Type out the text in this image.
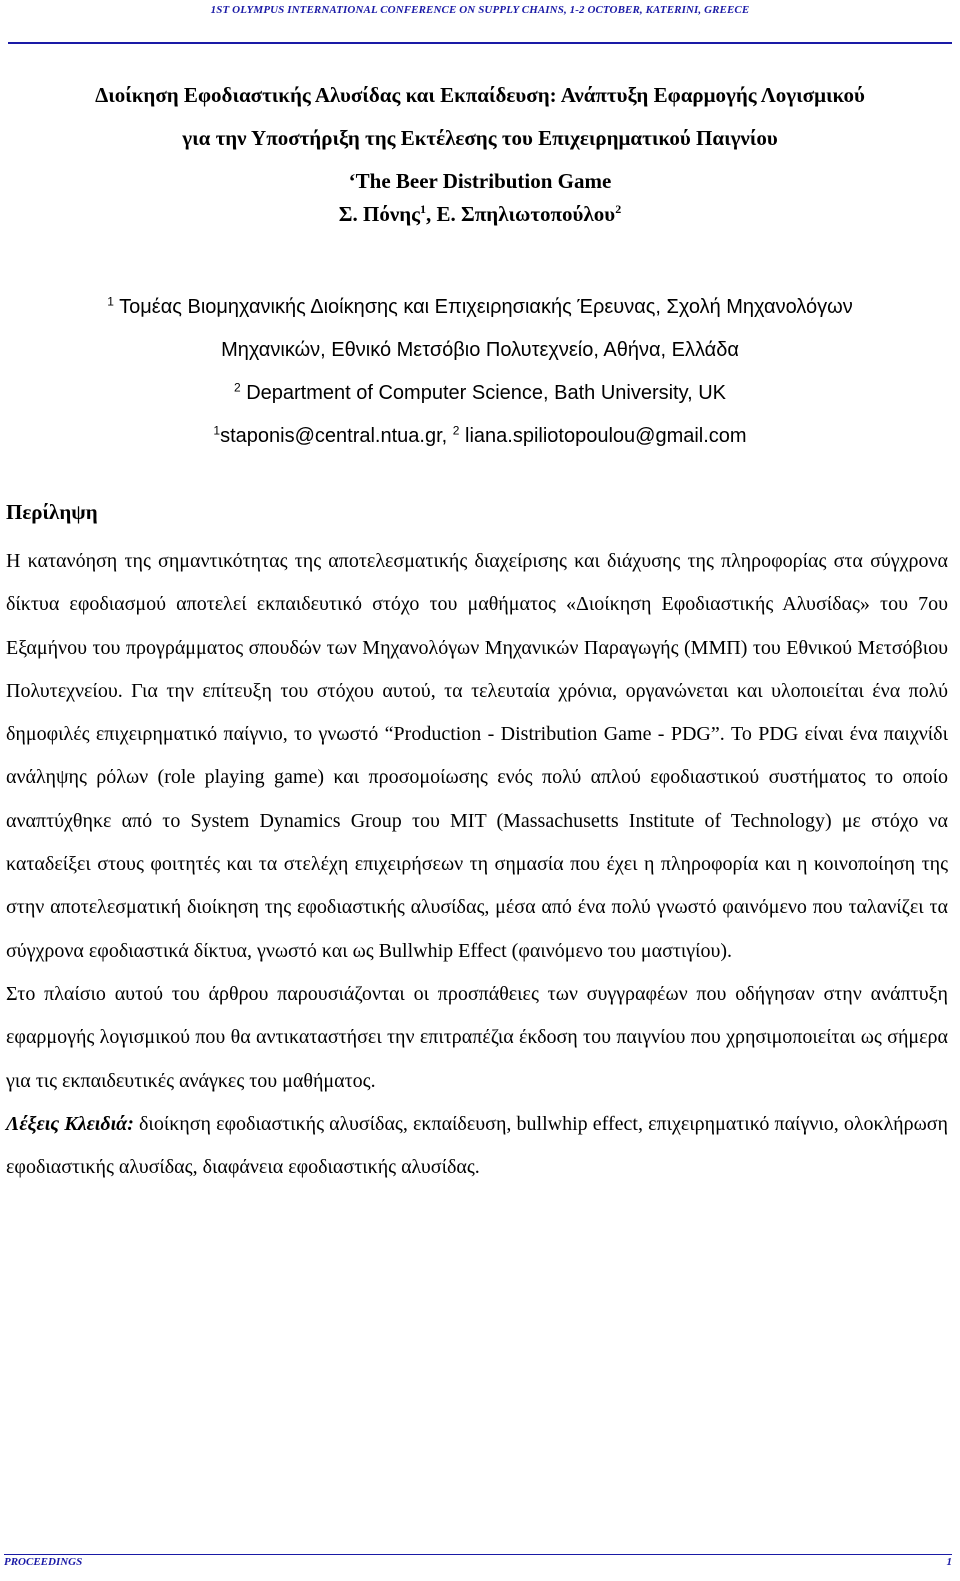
1ST OLYMPUS INTERNATIONAL CONFERENCE ON SUPPLY CHAINS, 1-2 OCTOBER, KATERINI, GREECE
Διοίκηση Εφοδιαστικής Αλυσίδας και Εκπαίδευση: Ανάπτυξη Εφαρμογής Λογισμικού
για την Υποστήριξη της Εκτέλεσης του Επιχειρηματικού Παιγνίου
‘The Beer Distribution Game
Σ. Πόνης$^1$, Ε. Σπηλιωτοπούλου$^2$
$^1$ Τομέας Βιομηχανικής Διοίκησης και Επιχειρησιακής Έρευνας, Σχολή Μηχανολόγων
Μηχανικών, Εθνικό Μετσόβιο Πολυτεχνείο, Αθήνα, Ελλάδα
$^2$ Department of Computer Science, Bath University, UK
$^1$staponis@central.ntua.gr, $^2$ liana.spiliotopoulou@gmail.com
Περίληψη

Η κατανόηση της σημαντικότητας της αποτελεσματικής διαχείρισης και διάχυσης της πληροφορίας στα σύγχρονα δίκτυα εφοδιασμού αποτελεί εκπαιδευτικό στόχο του μαθήματος «Διοίκηση Εφοδιαστικής Αλυσίδας» του 7ου Εξαμήνου του προγράμματος σπουδών των Μηχανολόγων Μηχανικών Παραγωγής (ΜΜΠ) του Εθνικού Μετσόβιου Πολυτεχνείου. Για την επίτευξη του στόχου αυτού, τα τελευταία χρόνια, οργανώνεται και υλοποιείται ένα πολύ δημοφιλές επιχειρηματικό παίγνιο, το γνωστό “Production - Distribution Game - PDG”. Το PDG είναι ένα παιχνίδι ανάληψης ρόλων (role playing game) και προσομοίωσης ενός πολύ απλού εφοδιαστικού συστήματος το οποίο αναπτύχθηκε από το System Dynamics Group του MIT (Massachusetts Institute of Technology) με στόχο να καταδείξει στους φοιτητές και τα στελέχη επιχειρήσεων τη σημασία που έχει η πληροφορία και η κοινοποίηση της στην αποτελεσματική διοίκηση της εφοδιαστικής αλυσίδας, μέσα από ένα πολύ γνωστό φαινόμενο που ταλανίζει τα σύγχρονα εφοδιαστικά δίκτυα, γνωστό και ως Bullwhip Effect (φαινόμενο του μαστιγίου).

Στο πλαίσιο αυτού του άρθρου παρουσιάζονται οι προσπάθειες των συγγραφέων που οδήγησαν στην ανάπτυξη εφαρμογής λογισμικού που θα αντικαταστήσει την επιτραπέζια έκδοση του παιγνίου που χρησιμοποιείται ως σήμερα για τις εκπαιδευτικές ανάγκες του μαθήματος.

Λέξεις Κλειδιά: διοίκηση εφοδιαστικής αλυσίδας, εκπαίδευση, bullwhip effect, επιχειρηματικό παίγνιο, ολοκλήρωση εφοδιαστικής αλυσίδας, διαφάνεια εφοδιαστικής αλυσίδας.

PROCEEDINGS	1
